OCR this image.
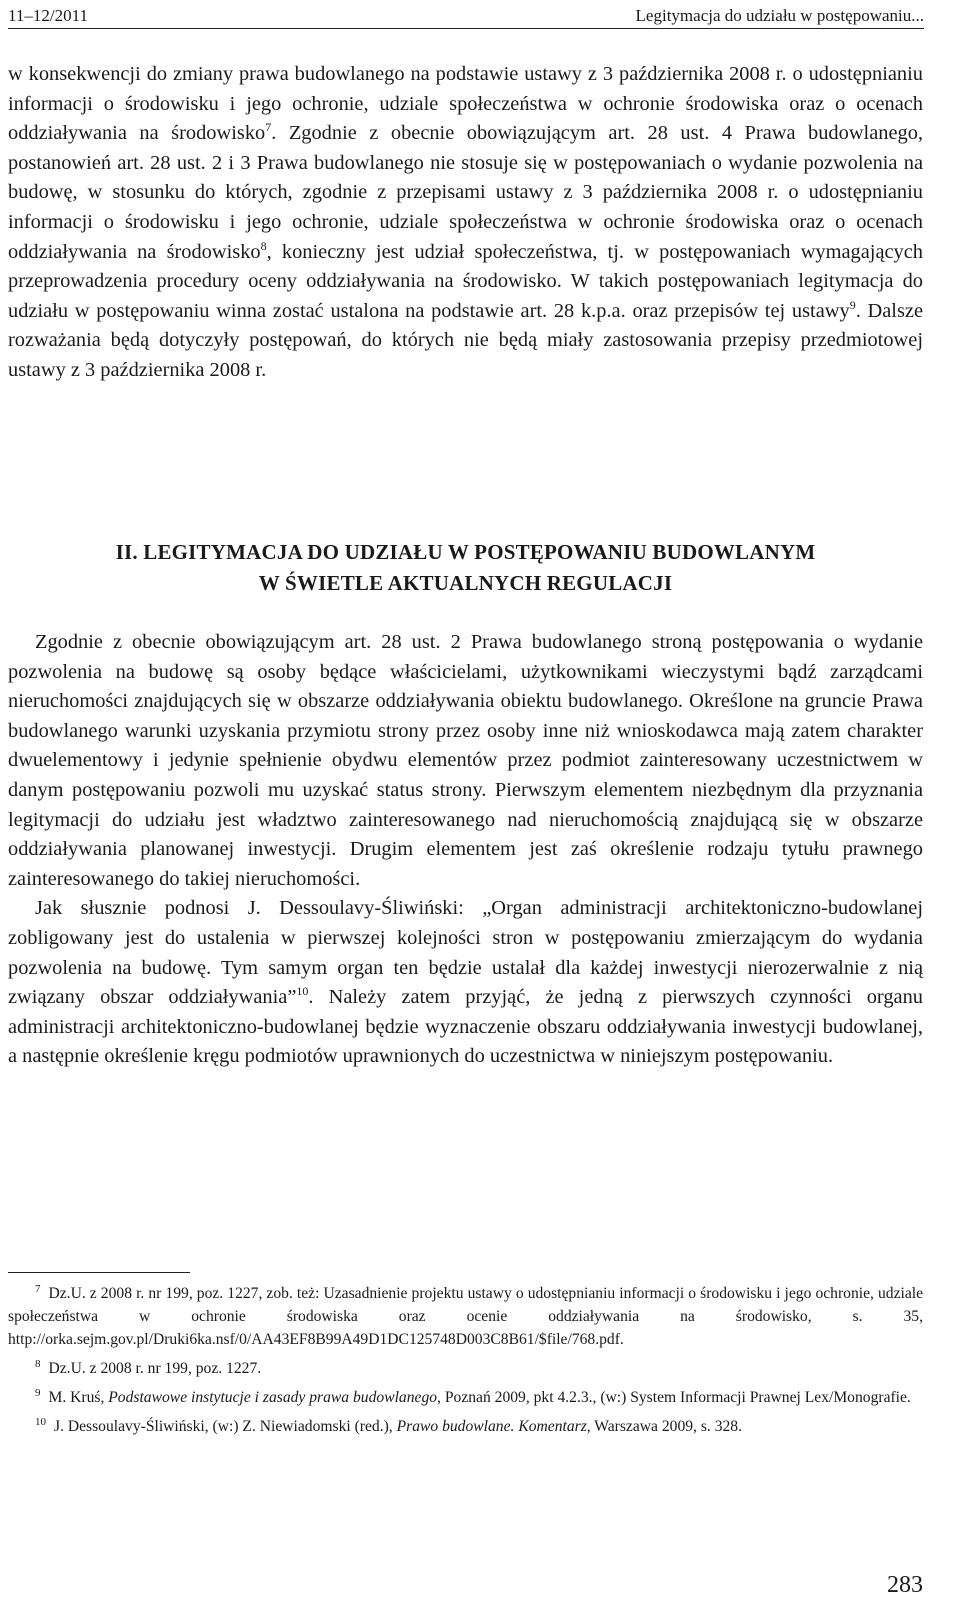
11–12/2011	Legitymacja do udziału w postępowaniu...

w konsekwencji do zmiany prawa budowlanego na podstawie ustawy z 3 października 2008 r. o udostępnianiu informacji o środowisku i jego ochronie, udziale społeczeństwa w ochronie środowiska oraz o ocenach oddziaływania na środowisko$^7$. Zgodnie z obecnie obowiązującym art. 28 ust. 4 Prawa budowlanego, postanowień art. 28 ust. 2 i 3 Prawa budowlanego nie stosuje się w postępowaniach o wydanie pozwolenia na budowę, w stosunku do których, zgodnie z przepisami ustawy z 3 października 2008 r. o udostępnianiu informacji o środowisku i jego ochronie, udziale społeczeństwa w ochronie środowiska oraz o ocenach oddziaływania na środowisko$^8$, konieczny jest udział społeczeństwa, tj. w postępowaniach wymagających przeprowadzenia procedury oceny oddziaływania na środowisko. W takich postępowaniach legitymacja do udziału w postępowaniu winna zostać ustalona na podstawie art. 28 k.p.a. oraz przepisów tej ustawy$^9$. Dalsze rozważania będą dotyczyły postępowań, do których nie będą miały zastosowania przepisy przedmiotowej ustawy z 3 października 2008 r.

II. LEGITYMACJA DO UDZIAŁU W POSTĘPOWANIU BUDOWLANYM
W ŚWIETLE AKTUALNYCH REGULACJI

Zgodnie z obecnie obowiązującym art. 28 ust. 2 Prawa budowlanego stroną postępowania o wydanie pozwolenia na budowę są osoby będące właścicielami, użytkownikami wieczystymi bądź zarządcami nieruchomości znajdujących się w obszarze oddziaływania obiektu budowlanego. Określone na gruncie Prawa budowlanego warunki uzyskania przymiotu strony przez osoby inne niż wnioskodawca mają zatem charakter dwuelementowy i jedynie spełnienie obydwu elementów przez podmiot zainteresowany uczestnictwem w danym postępowaniu pozwoli mu uzyskać status strony. Pierwszym elementem niezbędnym dla przyznania legitymacji do udziału jest władztwo zainteresowanego nad nieruchomością znajdującą się w obszarze oddziaływania planowanej inwestycji. Drugim elementem jest zaś określenie rodzaju tytułu prawnego zainteresowanego do takiej nieruchomości.

Jak słusznie podnosi J. Dessoulavy-Śliwiński: „Organ administracji architektoniczno-budowlanej zobligowany jest do ustalenia w pierwszej kolejności stron w postępowaniu zmierzającym do wydania pozwolenia na budowę. Tym samym organ ten będzie ustalał dla każdej inwestycji nierozerwalnie z nią związany obszar oddziaływania”$^{10}$. Należy zatem przyjąć, że jedną z pierwszych czynności organu administracji architektoniczno-budowlanej będzie wyznaczenie obszaru oddziaływania inwestycji budowlanej, a następnie określenie kręgu podmiotów uprawnionych do uczestnictwa w niniejszym postępowaniu.

$^7$ Dz.U. z 2008 r. nr 199, poz. 1227, zob. też: Uzasadnienie projektu ustawy o udostępnianiu informacji o środowisku i jego ochronie, udziale społeczeństwa w ochronie środowiska oraz ocenie oddziaływania na środowisko, s. 35, http://orka.sejm.gov.pl/Druki6ka.nsf/0/AA43EF8B99A49D1DC125748D003C8B61/$file/768.pdf.

$^8$ Dz.U. z 2008 r. nr 199, poz. 1227.

$^9$ M. Kruś, Podstawowe instytucje i zasady prawa budowlanego, Poznań 2009, pkt 4.2.3., (w:) System Informacji Prawnej Lex/Monografie.

$^{10}$ J. Dessoulavy-Śliwiński, (w:) Z. Niewiadomski (red.), Prawo budowlane. Komentarz, Warszawa 2009, s. 328.

283
